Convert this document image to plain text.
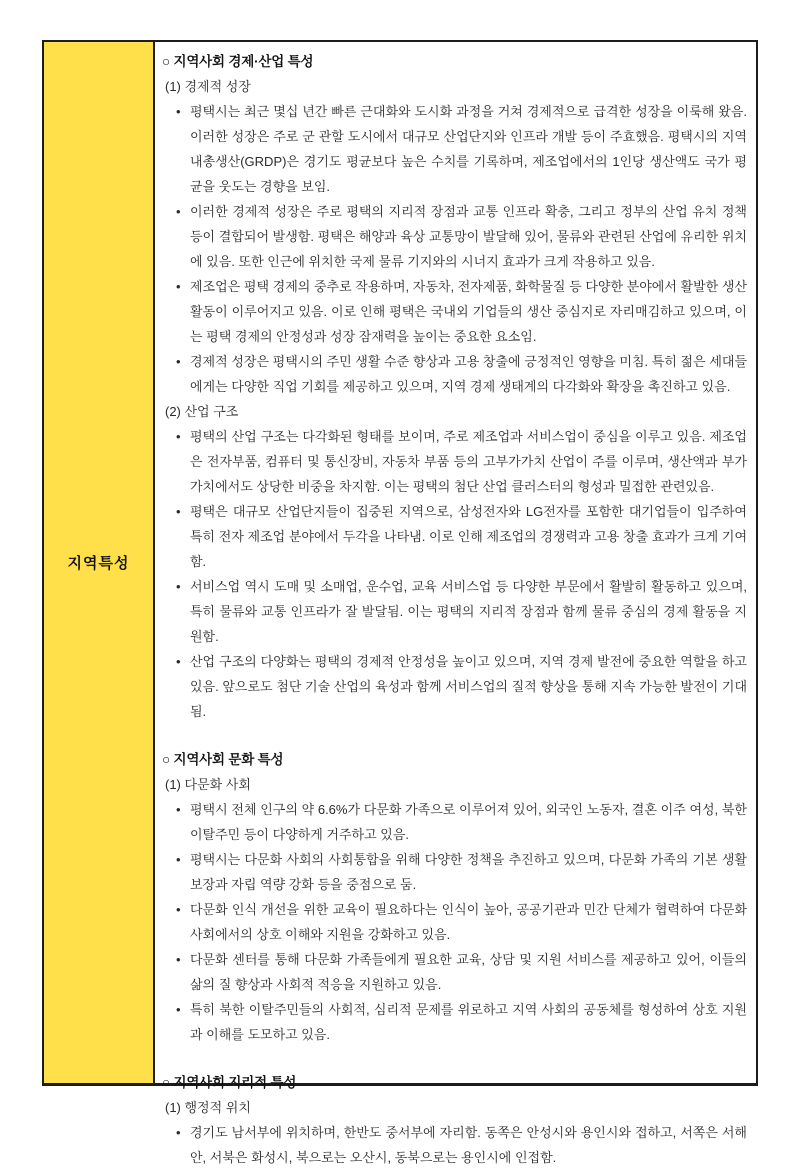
지역특성
○ 지역사회 경제·산업 특성
(1) 경제적 성장
• 평택시는 최근 몇십 년간 빠른 근대화와 도시화 과정을 거쳐 경제적으로 급격한 성장을 이룩해 왔음. 이러한 성장은 주로 군 관할 도시에서 대규모 산업단지와 인프라 개발 등이 주효했음. 평택시의 지역 내총생산(GRDP)은 경기도 평균보다 높은 수치를 기록하며, 제조업에서의 1인당 생산액도 국가 평균을 웃도는 경향을 보임.
• 이러한 경제적 성장은 주로 평택의 지리적 장점과 교통 인프라 확충, 그리고 정부의 산업 유치 정책 등이 결합되어 발생함. 평택은 해양과 육상 교통망이 발달해 있어, 물류와 관련된 산업에 유리한 위치에 있음. 또한 인근에 위치한 국제 물류 기지와의 시너지 효과가 크게 작용하고 있음.
• 제조업은 평택 경제의 중추로 작용하며, 자동차, 전자제품, 화학물질 등 다양한 분야에서 활발한 생산 활동이 이루어지고 있음. 이로 인해 평택은 국내외 기업들의 생산 중심지로 자리매김하고 있으며, 이는 평택 경제의 안정성과 성장 잠재력을 높이는 중요한 요소임.
• 경제적 성장은 평택시의 주민 생활 수준 향상과 고용 창출에 긍정적인 영향을 미침. 특히 젊은 세대들에게는 다양한 직업 기회를 제공하고 있으며, 지역 경제 생태계의 다각화와 확장을 촉진하고 있음.
(2) 산업 구조
• 평택의 산업 구조는 다각화된 형태를 보이며, 주로 제조업과 서비스업이 중심을 이루고 있음. 제조업은 전자부품, 컴퓨터 및 통신장비, 자동차 부품 등의 고부가가치 산업이 주를 이루며, 생산액과 부가가치에서도 상당한 비중을 차지함. 이는 평택의 첨단 산업 클러스터의 형성과 밀접한 관련있음.
• 평택은 대규모 산업단지들이 집중된 지역으로, 삼성전자와 LG전자를 포함한 대기업들이 입주하여 특히 전자 제조업 분야에서 두각을 나타냄. 이로 인해 제조업의 경쟁력과 고용 창출 효과가 크게 기여함.
• 서비스업 역시 도매 및 소매업, 운수업, 교육 서비스업 등 다양한 부문에서 활발히 활동하고 있으며, 특히 물류와 교통 인프라가 잘 발달됨. 이는 평택의 지리적 장점과 함께 물류 중심의 경제 활동을 지원함.
• 산업 구조의 다양화는 평택의 경제적 안정성을 높이고 있으며, 지역 경제 발전에 중요한 역할을 하고 있음. 앞으로도 첨단 기술 산업의 육성과 함께 서비스업의 질적 향상을 통해 지속 가능한 발전이 기대됨.
○ 지역사회 문화 특성
(1) 다문화 사회
• 평택시 전체 인구의 약 6.6%가 다문화 가족으로 이루어져 있어, 외국인 노동자, 결혼 이주 여성, 북한 이탈주민 등이 다양하게 거주하고 있음.
• 평택시는 다문화 사회의 사회통합을 위해 다양한 정책을 추진하고 있으며, 다문화 가족의 기본 생활 보장과 자립 역량 강화 등을 중점으로 둠.
• 다문화 인식 개선을 위한 교육이 필요하다는 인식이 높아, 공공기관과 민간 단체가 협력하여 다문화 사회에서의 상호 이해와 지원을 강화하고 있음.
• 다문화 센터를 통해 다문화 가족들에게 필요한 교육, 상담 및 지원 서비스를 제공하고 있어, 이들의 삶의 질 향상과 사회적 적응을 지원하고 있음.
• 특히 북한 이탈주민들의 사회적, 심리적 문제를 위로하고 지역 사회의 공동체를 형성하여 상호 지원과 이해를 도모하고 있음.
○ 지역사회 지리적 특성
(1) 행정적 위치
• 경기도 남서부에 위치하며, 한반도 중서부에 자리함. 동쪽은 안성시와 용인시와 접하고, 서쪽은 서해안, 서북은 화성시, 북으로는 오산시, 동북으로는 용인시에 인접함.
